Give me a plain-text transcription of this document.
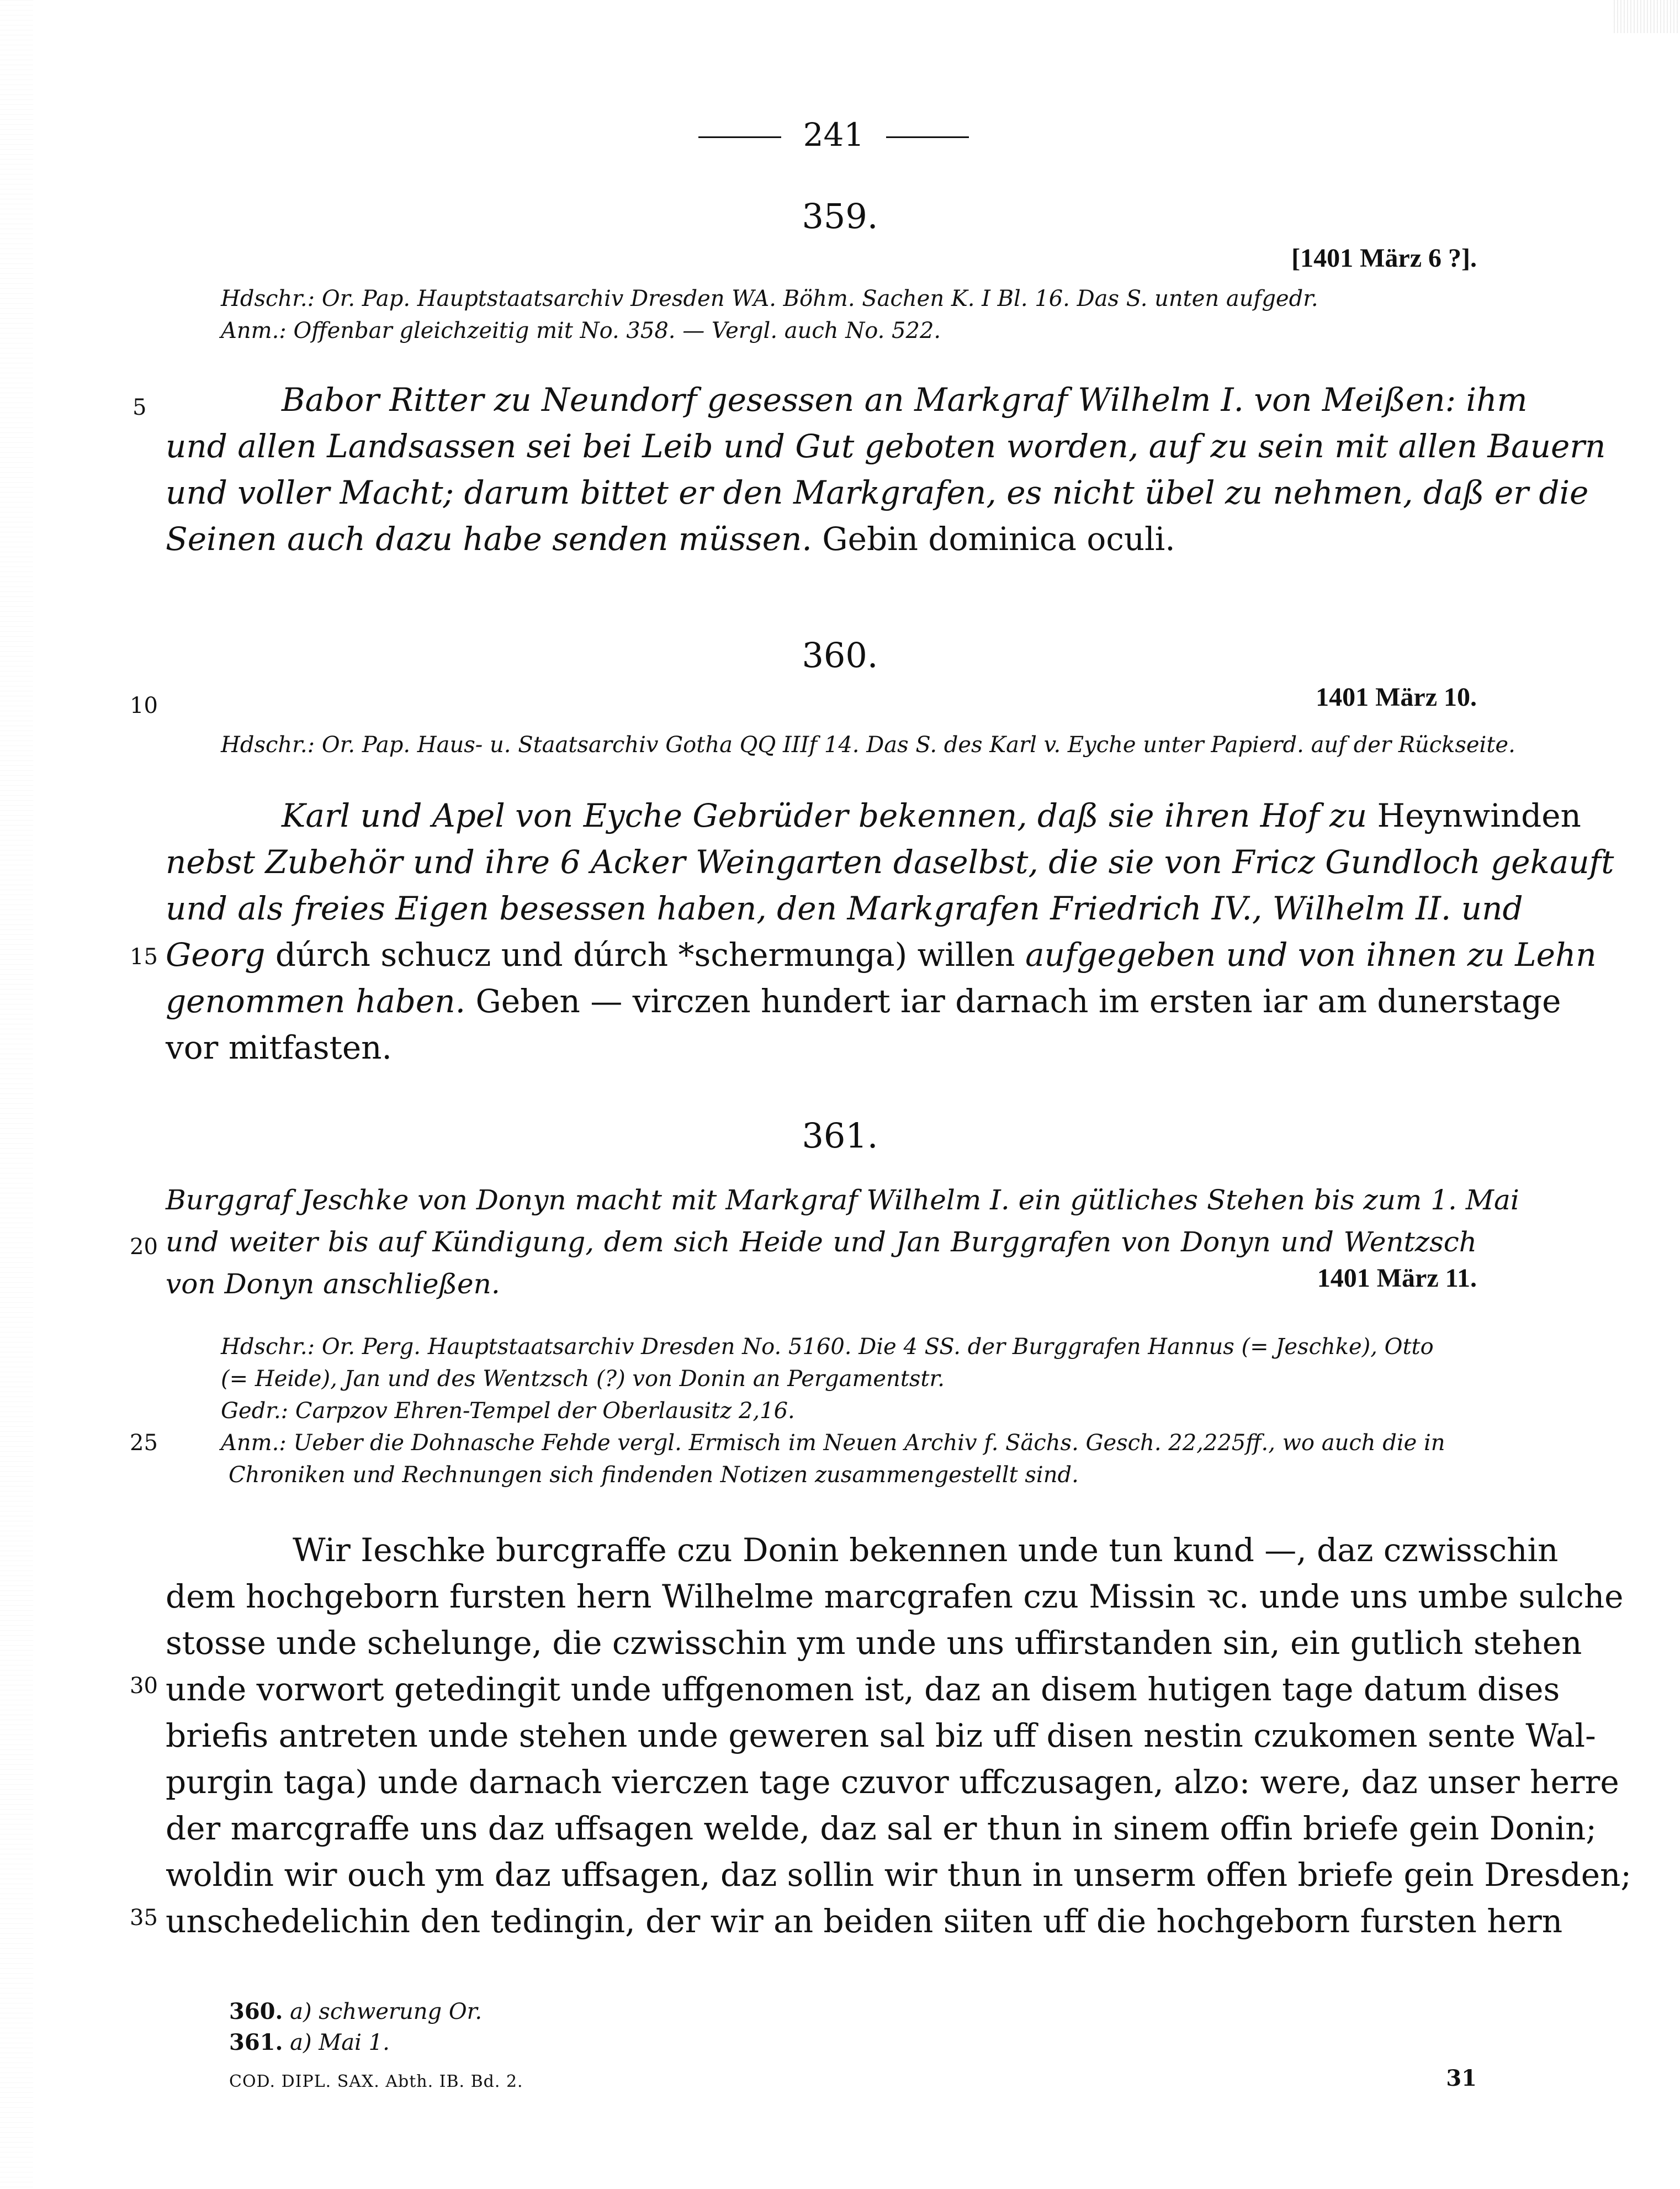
241
359.
[1401 März 6 ?].
Hdschr.: Or. Pap. Hauptstaatsarchiv Dresden WA. Böhm. Sachen K. I Bl. 16. Das S. unten aufgedr.
Anm.: Offenbar gleichzeitig mit No. 358. — Vergl. auch No. 522.
Babor Ritter zu Neundorf gesessen an Markgraf Wilhelm I. von Meißen: ihm
und allen Landsassen sei bei Leib und Gut geboten worden, auf zu sein mit allen Bauern
und voller Macht; darum bittet er den Markgrafen, es nicht übel zu nehmen, daß er die
Seinen auch dazu habe senden müssen. Gebin dominica oculi.
360.
1401 März 10.
Hdschr.: Or. Pap. Haus- u. Staatsarchiv Gotha QQ IIIf 14. Das S. des Karl v. Eyche unter Papierd. auf der Rückseite.
Karl und Apel von Eyche Gebrüder bekennen, daß sie ihren Hof zu Heynwinden
nebst Zubehör und ihre 6 Acker Weingarten daselbst, die sie von Fricz Gundloch gekauft
und als freies Eigen besessen haben, den Markgrafen Friedrich IV., Wilhelm II. und
Georg dúrch schucz und dúrch *schermunga) willen aufgegeben und von ihnen zu Lehn
genommen haben. Geben — virczen hundert iar darnach im ersten iar am dunerstage
vor mitfasten.
361.
Burggraf Jeschke von Donyn macht mit Markgraf Wilhelm I. ein gütliches Stehen bis zum 1. Mai
und weiter bis auf Kündigung, dem sich Heide und Jan Burggrafen von Donyn und Wentzsch
von Donyn anschließen.	1401 März 11.
Hdschr.: Or. Perg. Hauptstaatsarchiv Dresden No. 5160. Die 4 SS. der Burggrafen Hannus (= Jeschke), Otto
(= Heide), Jan und des Wentzsch (?) von Donin an Pergamentstr.
Gedr.: Carpzov Ehren-Tempel der Oberlausitz 2,16.
Anm.: Ueber die Dohnasche Fehde vergl. Ermisch im Neuen Archiv f. Sächs. Gesch. 22,225ff., wo auch die in
Chroniken und Rechnungen sich findenden Notizen zusammengestellt sind.
Wir Ieschke burcgraffe czu Donin bekennen unde tun kund —, daz czwisschin
dem hochgeborn fursten hern Wilhelme marcgrafen czu Missin ꝛc. unde uns umbe sulche
stosse unde schelunge, die czwisschin ym unde uns uffirstanden sin, ein gutlich stehen
unde vorwort getedingit unde uffgenomen ist, daz an disem hutigen tage datum dises
briefis antreten unde stehen unde geweren sal biz uff disen nestin czukomen sente Wal-
purgin taga) unde darnach vierczen tage czuvor uffczusagen, alzo: were, daz unser herre
der marcgraffe uns daz uffsagen welde, daz sal er thun in sinem offin briefe gein Donin;
woldin wir ouch ym daz uffsagen, daz sollin wir thun in unserm offen briefe gein Dresden;
unschedelichin den tedingin, der wir an beiden siiten uff die hochgeborn fursten hern
5
10
15
20
25
30
35
360. a) schwerung Or.
361. a) Mai 1.
COD. DIPL. SAX. Abth. IB. Bd. 2.	31
